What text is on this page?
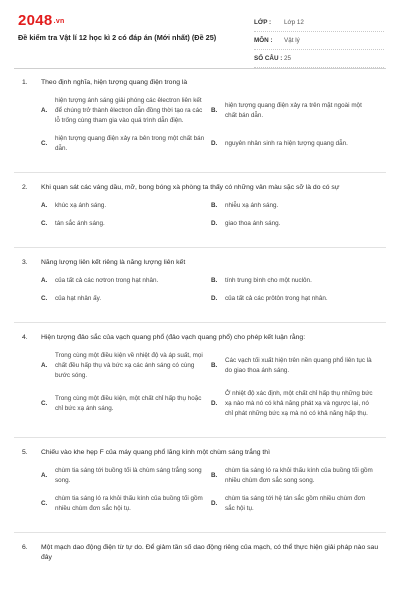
2048.vn
Đề kiểm tra Vật lí 12 học kì 2 có đáp án (Mới nhất) (Đề 25)
LỚP :	Lớp 12
MÔN :	Vật lý
SỐ CÂU : 25
1.	Theo định nghĩa, hiện tượng quang điện trong là
A.
hiện tượng ánh sáng giải phóng các êlectron liên kết để chúng trở thành êlectron dẫn đồng thời tạo ra các lỗ trống cùng tham gia vào quá trình dẫn điện.
B.
hiện tượng quang điện xảy ra trên mặt ngoài một chất bán dẫn.
C.
hiện tượng quang điện xảy ra bên trong một chất bán dẫn.
D.	nguyên nhân sinh ra hiện tượng quang dẫn.
2.	Khi quan sát các váng dầu, mỡ, bong bóng xà phòng ta thấy có những vân màu sặc sỡ là do có sự
A.	khúc xạ ánh sáng.	B.	nhiễu xạ ánh sáng.
C.	tán sắc ánh sáng.	D.	giao thoa ánh sáng.
3.	Năng lượng liên kết riêng là năng lượng liên kết
A.	của tất cả các nơtron trong hạt nhân.	B.	tính trung bình cho một nuclôn.
C.	của hạt nhân ấy.	D.	của tất cả các prôtôn trong hạt nhân.
4.	Hiện tượng đảo sắc của vạch quang phổ (đảo vạch quang phổ) cho phép kết luận rằng:
A.
Trong cùng một điều kiện về nhiệt độ và áp suất, mọi chất đều hấp thụ và bức xạ các ánh sáng có cùng bước sóng.
B.
Các vạch tối xuất hiện trên nền quang phổ liên tục là do giao thoa ánh sáng.
C.
Trong cùng một điều kiện, một chất chỉ hấp thụ hoặc chỉ bức xạ ánh sáng.
D.
Ở nhiệt độ xác định, một chất chỉ hấp thụ những bức xạ nào mà nó có khả năng phát xạ và ngược lại, nó chỉ phát những bức xạ mà nó có khả năng hấp thụ.
5.	Chiếu vào khe hẹp F của máy quang phổ lăng kính một chùm sáng trắng thì
A.
chùm tia sáng tới buồng tối là chùm sáng trắng song song.
B.
chùm tia sáng ló ra khỏi thấu kính của buồng tối gồm nhiều chùm đơn sắc song song.
C.
chùm tia sáng ló ra khỏi thấu kính của buồng tối gồm nhiều chùm đơn sắc hội tụ.
D.
chùm tia sáng tới hệ tán sắc gồm nhiều chùm đơn sắc hội tụ.
6.	Một mạch dao động điện từ tự do. Để giảm tần số dao động riêng của mạch, có thể thực hiện giải pháp nào sau đây
